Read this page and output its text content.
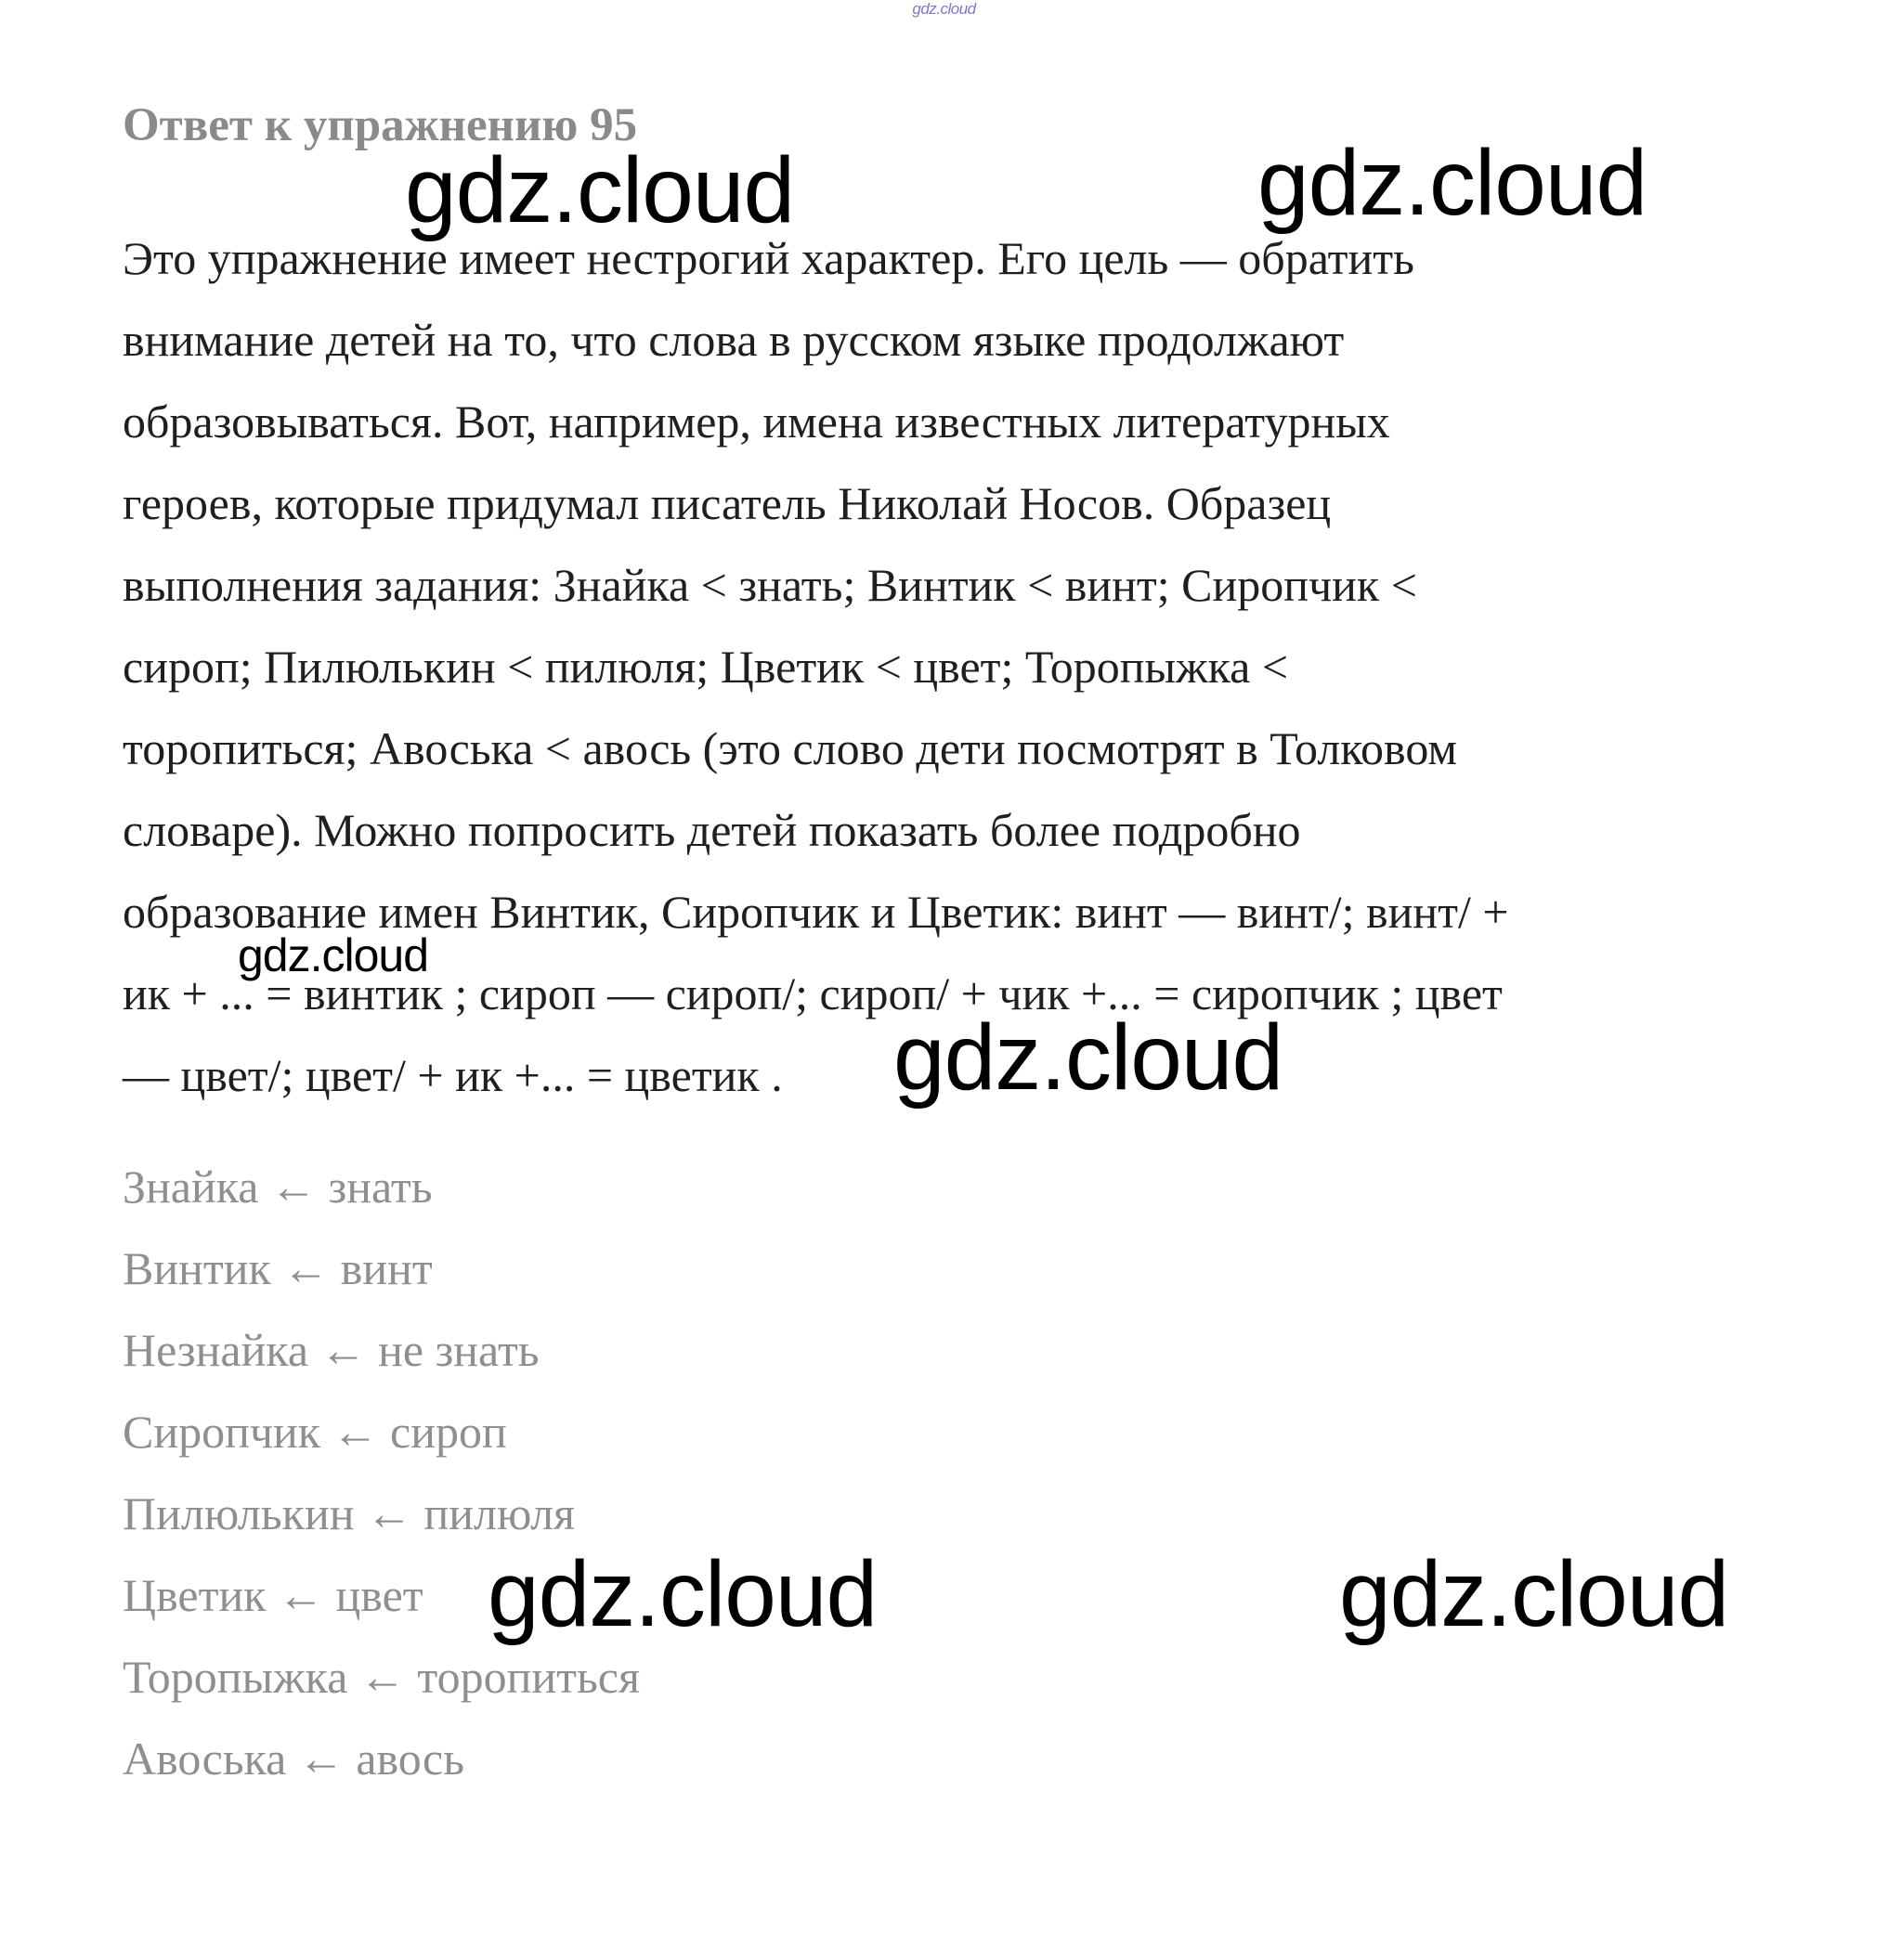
gdz.cloud
Ответ к упражнению 95
Это упражнение имеет нестрогий характер. Его цель — обратить
внимание детей на то, что слова в русском языке продолжают
образовываться. Вот, например, имена известных литературных
героев, которые придумал писатель Николай Носов. Образец
выполнения задания: Знайка < знать; Винтик < винт; Сиропчик <
сироп; Пилюлькин < пилюля; Цветик < цвет; Торопыжка <
торопиться; Авоська < авось (это слово дети посмотрят в Толковом
словаре). Можно попросить детей показать более подробно
образование имен Винтик, Сиропчик и Цветик: винт — винт/; винт/ +
ик + ... = винтик ; сироп — сироп/; сироп/ + чик +... = сиропчик ; цвет
— цвет/; цвет/ + ик +... = цветик .
Знайка ← знать
Винтик ← винт
Незнайка ← не знать
Сиропчик ← сироп
Пилюлькин ← пилюля
Цветик ← цвет
Торопыжка ← торопиться
Авоська ← авось
gdz.cloud	gdz.cloud
gdz.cloud
gdz.cloud
gdz.cloud	gdz.cloud
